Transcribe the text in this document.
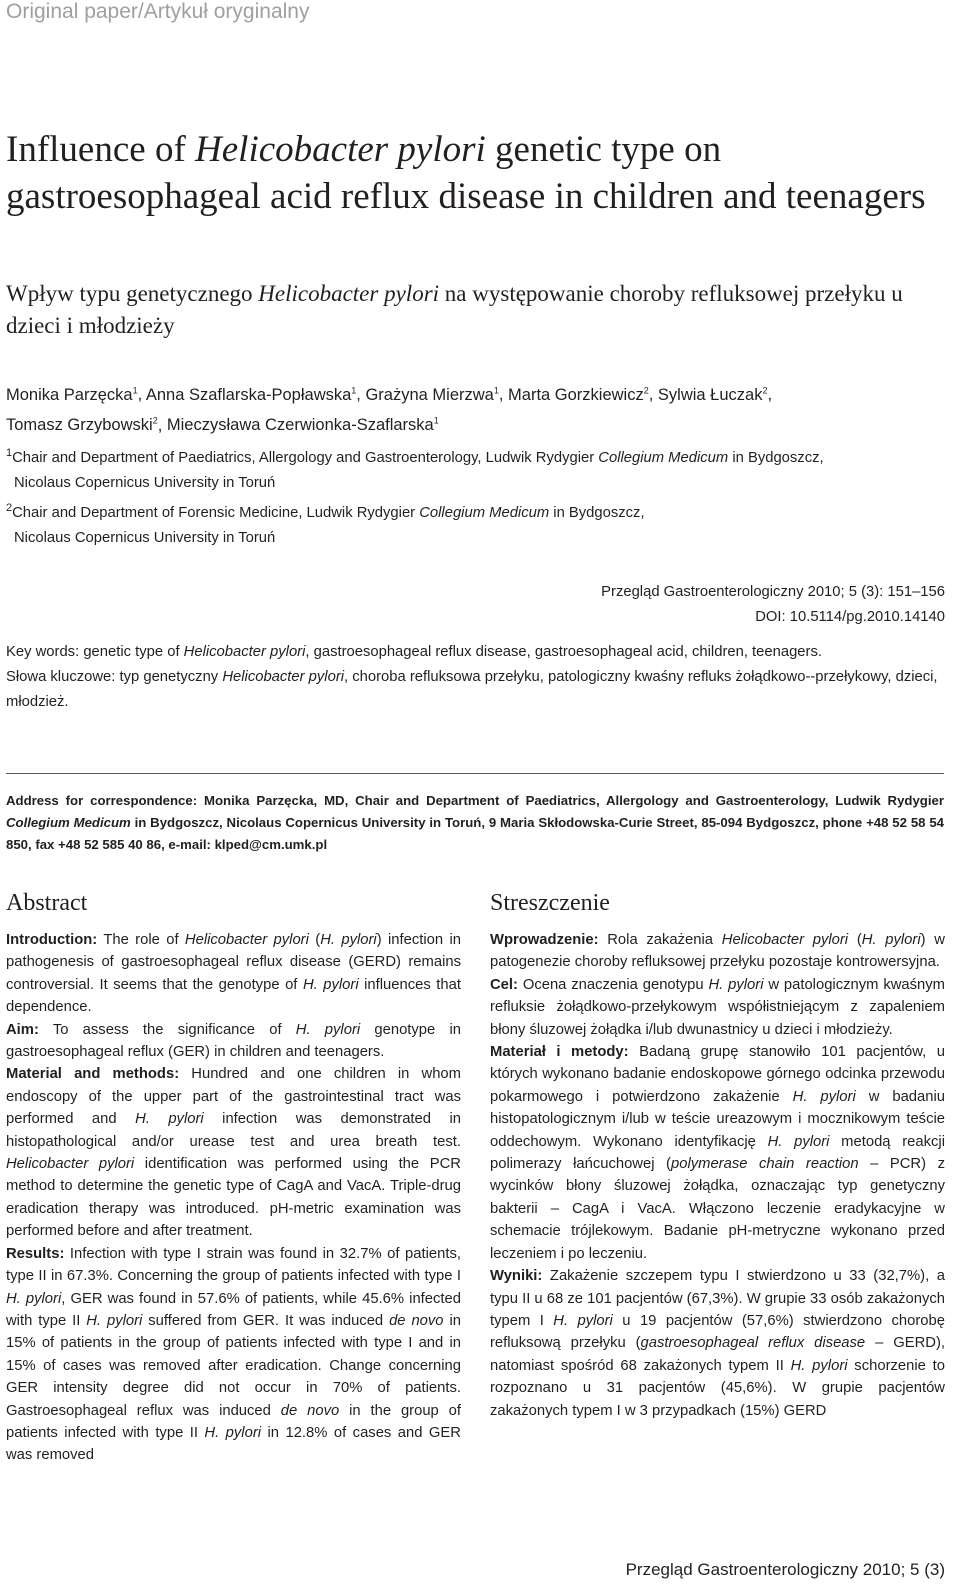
Original paper/Artykuł oryginalny
Influence of Helicobacter pylori genetic type on gastroesophageal acid reflux disease in children and teenagers
Wpływ typu genetycznego Helicobacter pylori na występowanie choroby refluksowej przełyku u dzieci i młodzieży
Monika Parzęcka$^1$, Anna Szaflarska-Popławska$^1$, Grażyna Mierzwa$^1$, Marta Gorzkiewicz$^2$, Sylwia Łuczak$^2$,
Tomasz Grzybowski$^2$, Mieczysława Czerwionka-Szaflarska$^1$
$^1$Chair and Department of Paediatrics, Allergology and Gastroenterology, Ludwik Rydygier Collegium Medicum in Bydgoszcz,
Nicolaus Copernicus University in Toruń
$^2$Chair and Department of Forensic Medicine, Ludwik Rydygier Collegium Medicum in Bydgoszcz,
Nicolaus Copernicus University in Toruń
Przegląd Gastroenterologiczny 2010; 5 (3): 151–156
DOI: 10.5114/pg.2010.14140
Key words: genetic type of Helicobacter pylori, gastroesophageal reflux disease, gastroesophageal acid, children, teenagers.
Słowa kluczowe: typ genetyczny Helicobacter pylori, choroba refluksowa przełyku, patologiczny kwaśny refluks żołądkowo--przełykowy, dzieci, młodzież.
Address for correspondence: Monika Parzęcka, MD, Chair and Department of Paediatrics, Allergology and Gastroenterology, Ludwik Rydygier Collegium Medicum in Bydgoszcz, Nicolaus Copernicus University in Toruń, 9 Maria Skłodowska-Curie Street, 85-094 Bydgoszcz, phone +48 52 58 54 850, fax +48 52 585 40 86, e-mail: klped@cm.umk.pl
Abstract

Introduction: The role of Helicobacter pylori (H. pylori) infection in pathogenesis of gastroesophageal reflux disease (GERD) remains controversial. It seems that the genotype of H. pylori influences that dependence.

Aim: To assess the significance of H. pylori genotype in gastroesophageal reflux (GER) in children and teenagers.

Material and methods: Hundred and one children in whom endoscopy of the upper part of the gastrointestinal tract was performed and H. pylori infection was demonstrated in histopathological and/or urease test and urea breath test. Helicobacter pylori identification was performed using the PCR method to determine the genetic type of CagA and VacA. Triple-drug eradication therapy was introduced. pH-metric examination was performed before and after treatment.

Results: Infection with type I strain was found in 32.7% of patients, type II in 67.3%. Concerning the group of patients infected with type I H. pylori, GER was found in 57.6% of patients, while 45.6% infected with type II H. pylori suffered from GER. It was induced de novo in 15% of patients in the group of patients infected with type I and in 15% of cases was removed after eradication. Change concerning GER intensity degree did not occur in 70% of patients. Gastroesophageal reflux was induced de novo in the group of patients infected with type II H. pylori in 12.8% of cases and GER was removed

Streszczenie

Wprowadzenie: Rola zakażenia Helicobacter pylori (H. pylori) w patogenezie choroby refluksowej przełyku pozostaje kontrowersyjna.

Cel: Ocena znaczenia genotypu H. pylori w patologicznym kwaśnym refluksie żołądkowo-przełykowym współistniejącym z zapaleniem błony śluzowej żołądka i/lub dwunastnicy u dzieci i młodzieży.

Materiał i metody: Badaną grupę stanowiło 101 pacjentów, u których wykonano badanie endoskopowe górnego odcinka przewodu pokarmowego i potwierdzono zakażenie H. pylori w badaniu histopatologicznym i/lub w teście ureazowym i mocznikowym teście oddechowym. Wykonano identyfikację H. pylori metodą reakcji polimerazy łańcuchowej (polymerase chain reaction – PCR) z wycinków błony śluzowej żołądka, oznaczając typ genetyczny bakterii – CagA i VacA. Włączono leczenie eradykacyjne w schemacie trójlekowym. Badanie pH-metryczne wykonano przed leczeniem i po leczeniu.

Wyniki: Zakażenie szczepem typu I stwierdzono u 33 (32,7%), a typu II u 68 ze 101 pacjentów (67,3%). W grupie 33 osób zakażonych typem I H. pylori u 19 pacjentów (57,6%) stwierdzono chorobę refluksową przełyku (gastroesophageal reflux disease – GERD), natomiast spośród 68 zakażonych typem II H. pylori schorzenie to rozpoznano u 31 pacjentów (45,6%). W grupie pacjentów zakażonych typem I w 3 przypadkach (15%) GERD

Przegląd Gastroenterologiczny 2010; 5 (3)
